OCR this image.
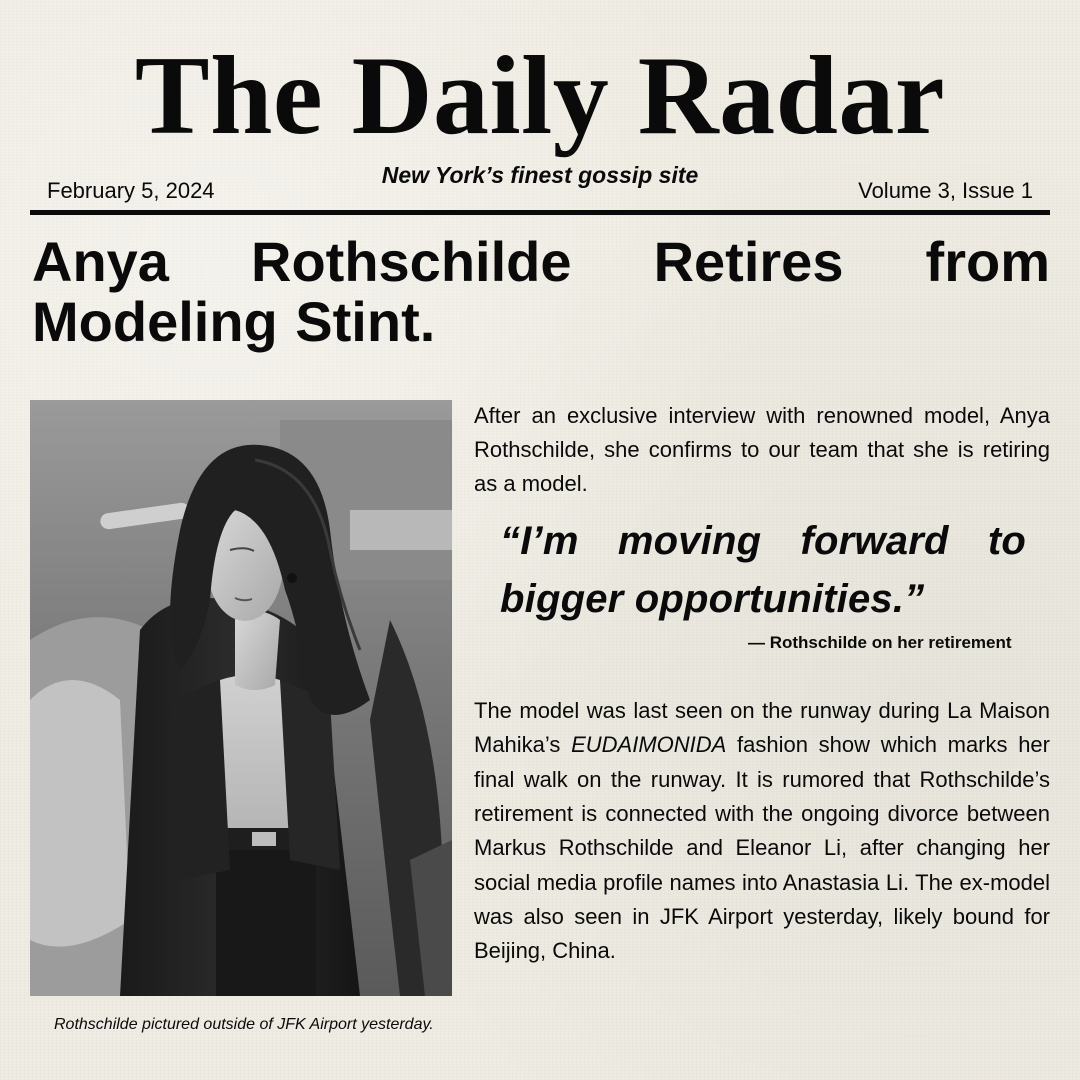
The Daily Radar

New York’s finest gossip site

February 5, 2024	Volume 3, Issue 1

Anya Rothschilde Retires from Modeling Stint.

Rothschilde pictured outside of JFK Airport yesterday.

After an exclusive interview with renowned model, Anya Rothschilde, she confirms to our team that she is retiring as a model.

“I’m moving forward to bigger opportunities.”

— Rothschilde on her retirement

The model was last seen on the runway during La Maison Mahika’s EUDAIMONIDA fashion show which marks her final walk on the runway. It is rumored that Rothschilde’s retirement is connected with the ongoing divorce between Markus Rothschilde and Eleanor Li, after changing her social media profile names into Anastasia Li. The ex-model was also seen in JFK Airport yesterday, likely bound for Beijing, China.
